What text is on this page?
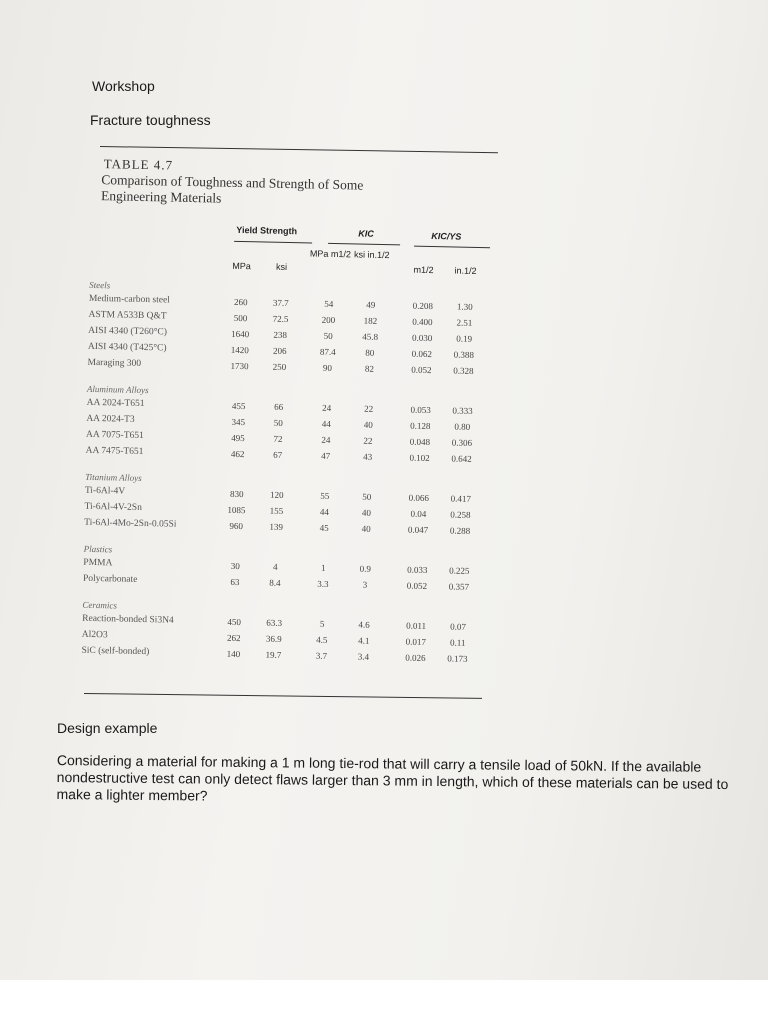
Workshop
Fracture toughness
TABLE 4.7
Comparison of Toughness and Strength of Some
Engineering Materials
Yield Strength	KIC	KIC/YS
MPa	ksi
MPa m1/2 ksi in.1/2
m1/2	in.1/2
Steels
Medium-carbon steel	260	37.7	54	49	0.208	1.30
ASTM A533B Q&T	500	72.5	200	182	0.400	2.51
AISI 4340 (T260°C)	1640	238	50	45.8	0.030	0.19
AISI 4340 (T425°C)	1420	206	87.4	80	0.062	0.388
Maraging 300	1730	250	90	82	0.052	0.328
Aluminum Alloys
AA 2024-T651	455	66	24	22	0.053	0.333
AA 2024-T3	345	50	44	40	0.128	0.80
AA 7075-T651	495	72	24	22	0.048	0.306
AA 7475-T651	462	67	47	43	0.102	0.642
Titanium Alloys
Ti-6Al-4V	830	120	55	50	0.066	0.417
Ti-6Al-4V-2Sn	1085	155	44	40	0.04	0.258
Ti-6Al-4Mo-2Sn-0.05Si	960	139	45	40	0.047	0.288
Plastics
PMMA	30	4	1	0.9	0.033	0.225
Polycarbonate	63	8.4	3.3	3	0.052	0.357
Ceramics
Reaction-bonded Si3N4	450	63.3	5	4.6	0.011	0.07
Al2O3	262	36.9	4.5	4.1	0.017	0.11
SiC (self-bonded)	140	19.7	3.7	3.4	0.026	0.173
Design example
Considering a material for making a 1 m long tie-rod that will carry a tensile load of 50kN. If the available nondestructive test can only detect flaws larger than 3 mm in length, which of these materials can be used to make a lighter member?
